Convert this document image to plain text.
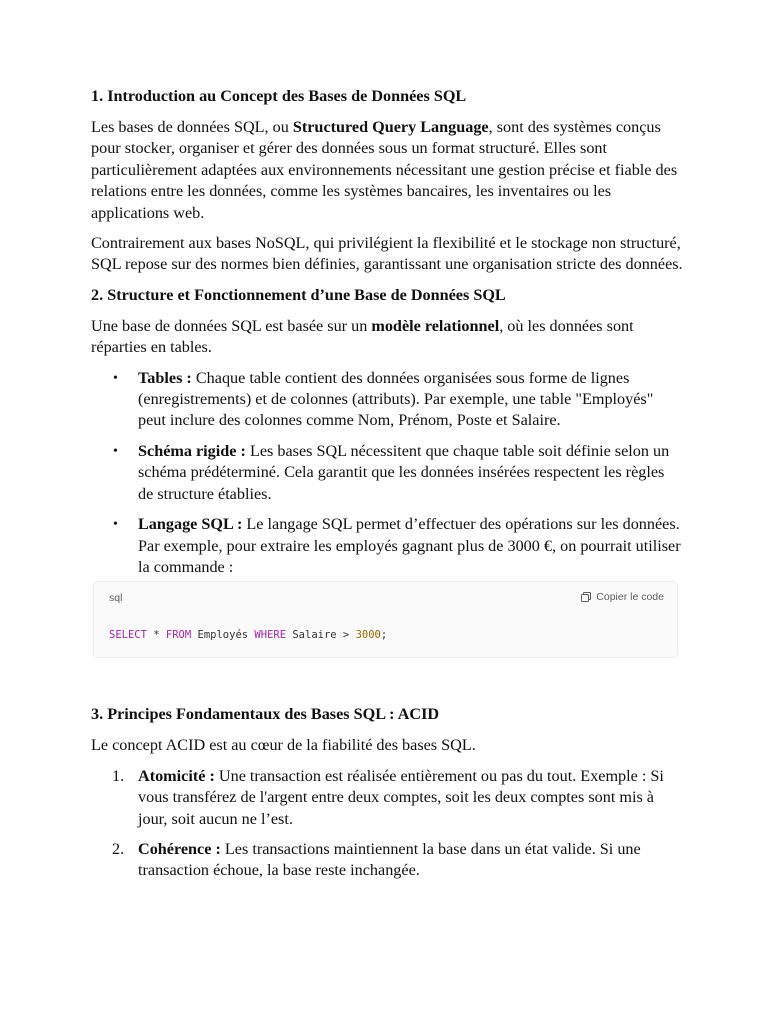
1. Introduction au Concept des Bases de Données SQL

Les bases de données SQL, ou Structured Query Language, sont des systèmes conçus pour stocker, organiser et gérer des données sous un format structuré. Elles sont particulièrement adaptées aux environnements nécessitant une gestion précise et fiable des relations entre les données, comme les systèmes bancaires, les inventaires ou les applications web.

Contrairement aux bases NoSQL, qui privilégient la flexibilité et le stockage non structuré, SQL repose sur des normes bien définies, garantissant une organisation stricte des données.

2. Structure et Fonctionnement d’une Base de Données SQL

Une base de données SQL est basée sur un modèle relationnel, où les données sont réparties en tables.

• Tables : Chaque table contient des données organisées sous forme de lignes (enregistrements) et de colonnes (attributs). Par exemple, une table "Employés" peut inclure des colonnes comme Nom, Prénom, Poste et Salaire.
• Schéma rigide : Les bases SQL nécessitent que chaque table soit définie selon un schéma prédéterminé. Cela garantit que les données insérées respectent les règles de structure établies.
• Langage SQL : Le langage SQL permet d’effectuer des opérations sur les données. Par exemple, pour extraire les employés gagnant plus de 3000 €, on pourrait utiliser la commande :
sql	Copier le code
SELECT * FROM Employés WHERE Salaire > 3000;
3. Principes Fondamentaux des Bases SQL : ACID

Le concept ACID est au cœur de la fiabilité des bases SQL.

1. Atomicité : Une transaction est réalisée entièrement ou pas du tout. Exemple : Si vous transférez de l'argent entre deux comptes, soit les deux comptes sont mis à jour, soit aucun ne l’est.
2. Cohérence : Les transactions maintiennent la base dans un état valide. Si une transaction échoue, la base reste inchangée.
